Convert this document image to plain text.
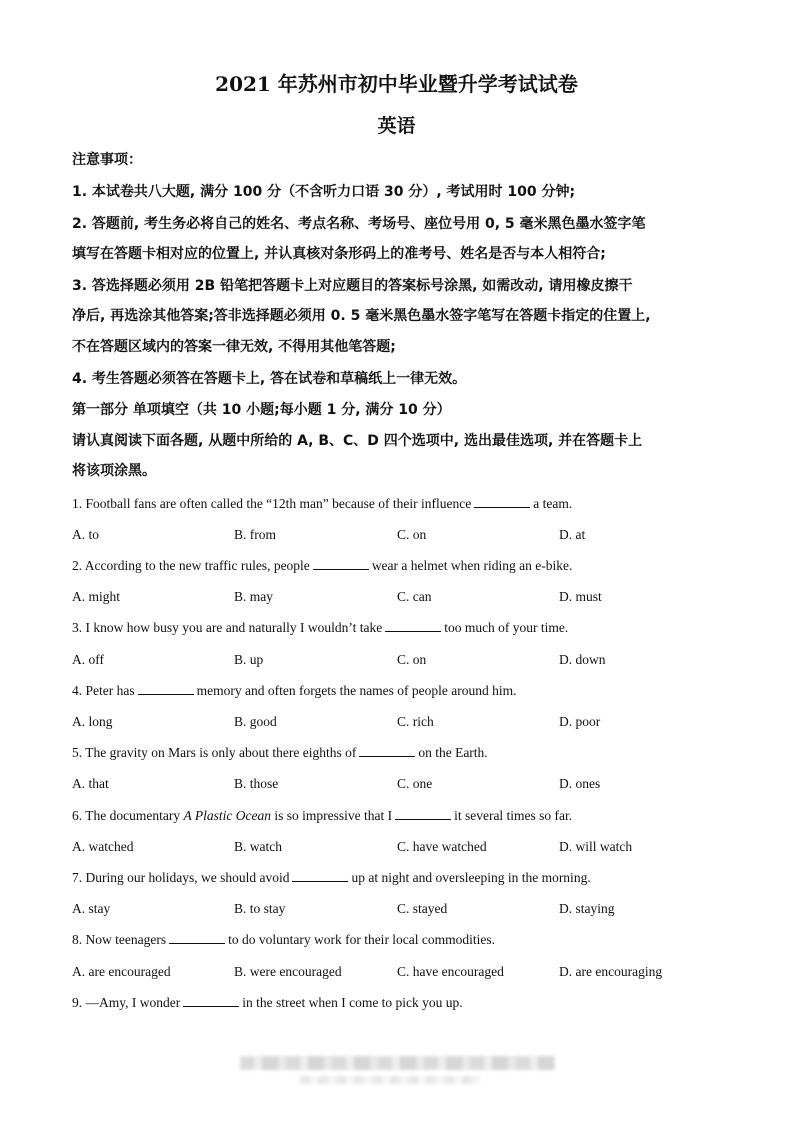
2021 年苏州市初中毕业暨升学考试试卷
英语
注意事项：
1. 本试卷共八大题, 满分 100 分（不含听力口语 30 分）, 考试用时 100 分钟;
2. 答题前, 考生务必将自己的姓名、考点名称、考场号、座位号用 0, 5 毫米黑色墨水签字笔
填写在答题卡相对应的位置上, 并认真核对条形码上的准考号、姓名是否与本人相符合;
3. 答选择题必须用 2B 铅笔把答题卡上对应题目的答案标号涂黑, 如需改动, 请用橡皮擦干
净后, 再选涂其他答案;答非选择题必须用 0. 5 毫米黑色墨水签字笔写在答题卡指定的住置上,
不在答题区域内的答案一律无效, 不得用其他笔答题;
4. 考生答题必须答在答题卡上, 答在试卷和草稿纸上一律无效。
第一部分 单项填空（共 10 小题;每小题 1 分, 满分 10 分）
请认真阅读下面各题, 从题中所给的 A, B、C、D 四个选项中, 选出最佳选项, 并在答题卡上
将该项涂黑。
1. Football fans are often called the “12th man” because of their influence	a team.
A. to	B. from	C. on	D. at
2. According to the new traffic rules, people	wear a helmet when riding an e-bike.
A. might	B. may	C. can	D. must
3. I know how busy you are and naturally I wouldn’t take	too much of your time.
A. off	B. up	C. on	D. down
4. Peter has	memory and often forgets the names of people around him.
A. long	B. good	C. rich	D. poor
5. The gravity on Mars is only about there eighths of	on the Earth.
A. that	B. those	C. one	D. ones
6. The documentary A Plastic Ocean is so impressive that I	it several times so far.
A. watched	B. watch	C. have watched	D. will watch
7. During our holidays, we should avoid	up at night and oversleeping in the morning.
A. stay	B. to stay	C. stayed	D. staying
8. Now teenagers	to do voluntary work for their local commodities.
A. are encouraged	B. were encouraged	C. have encouraged	D. are encouraging
9. —Amy, I wonder	in the street when I come to pick you up.
